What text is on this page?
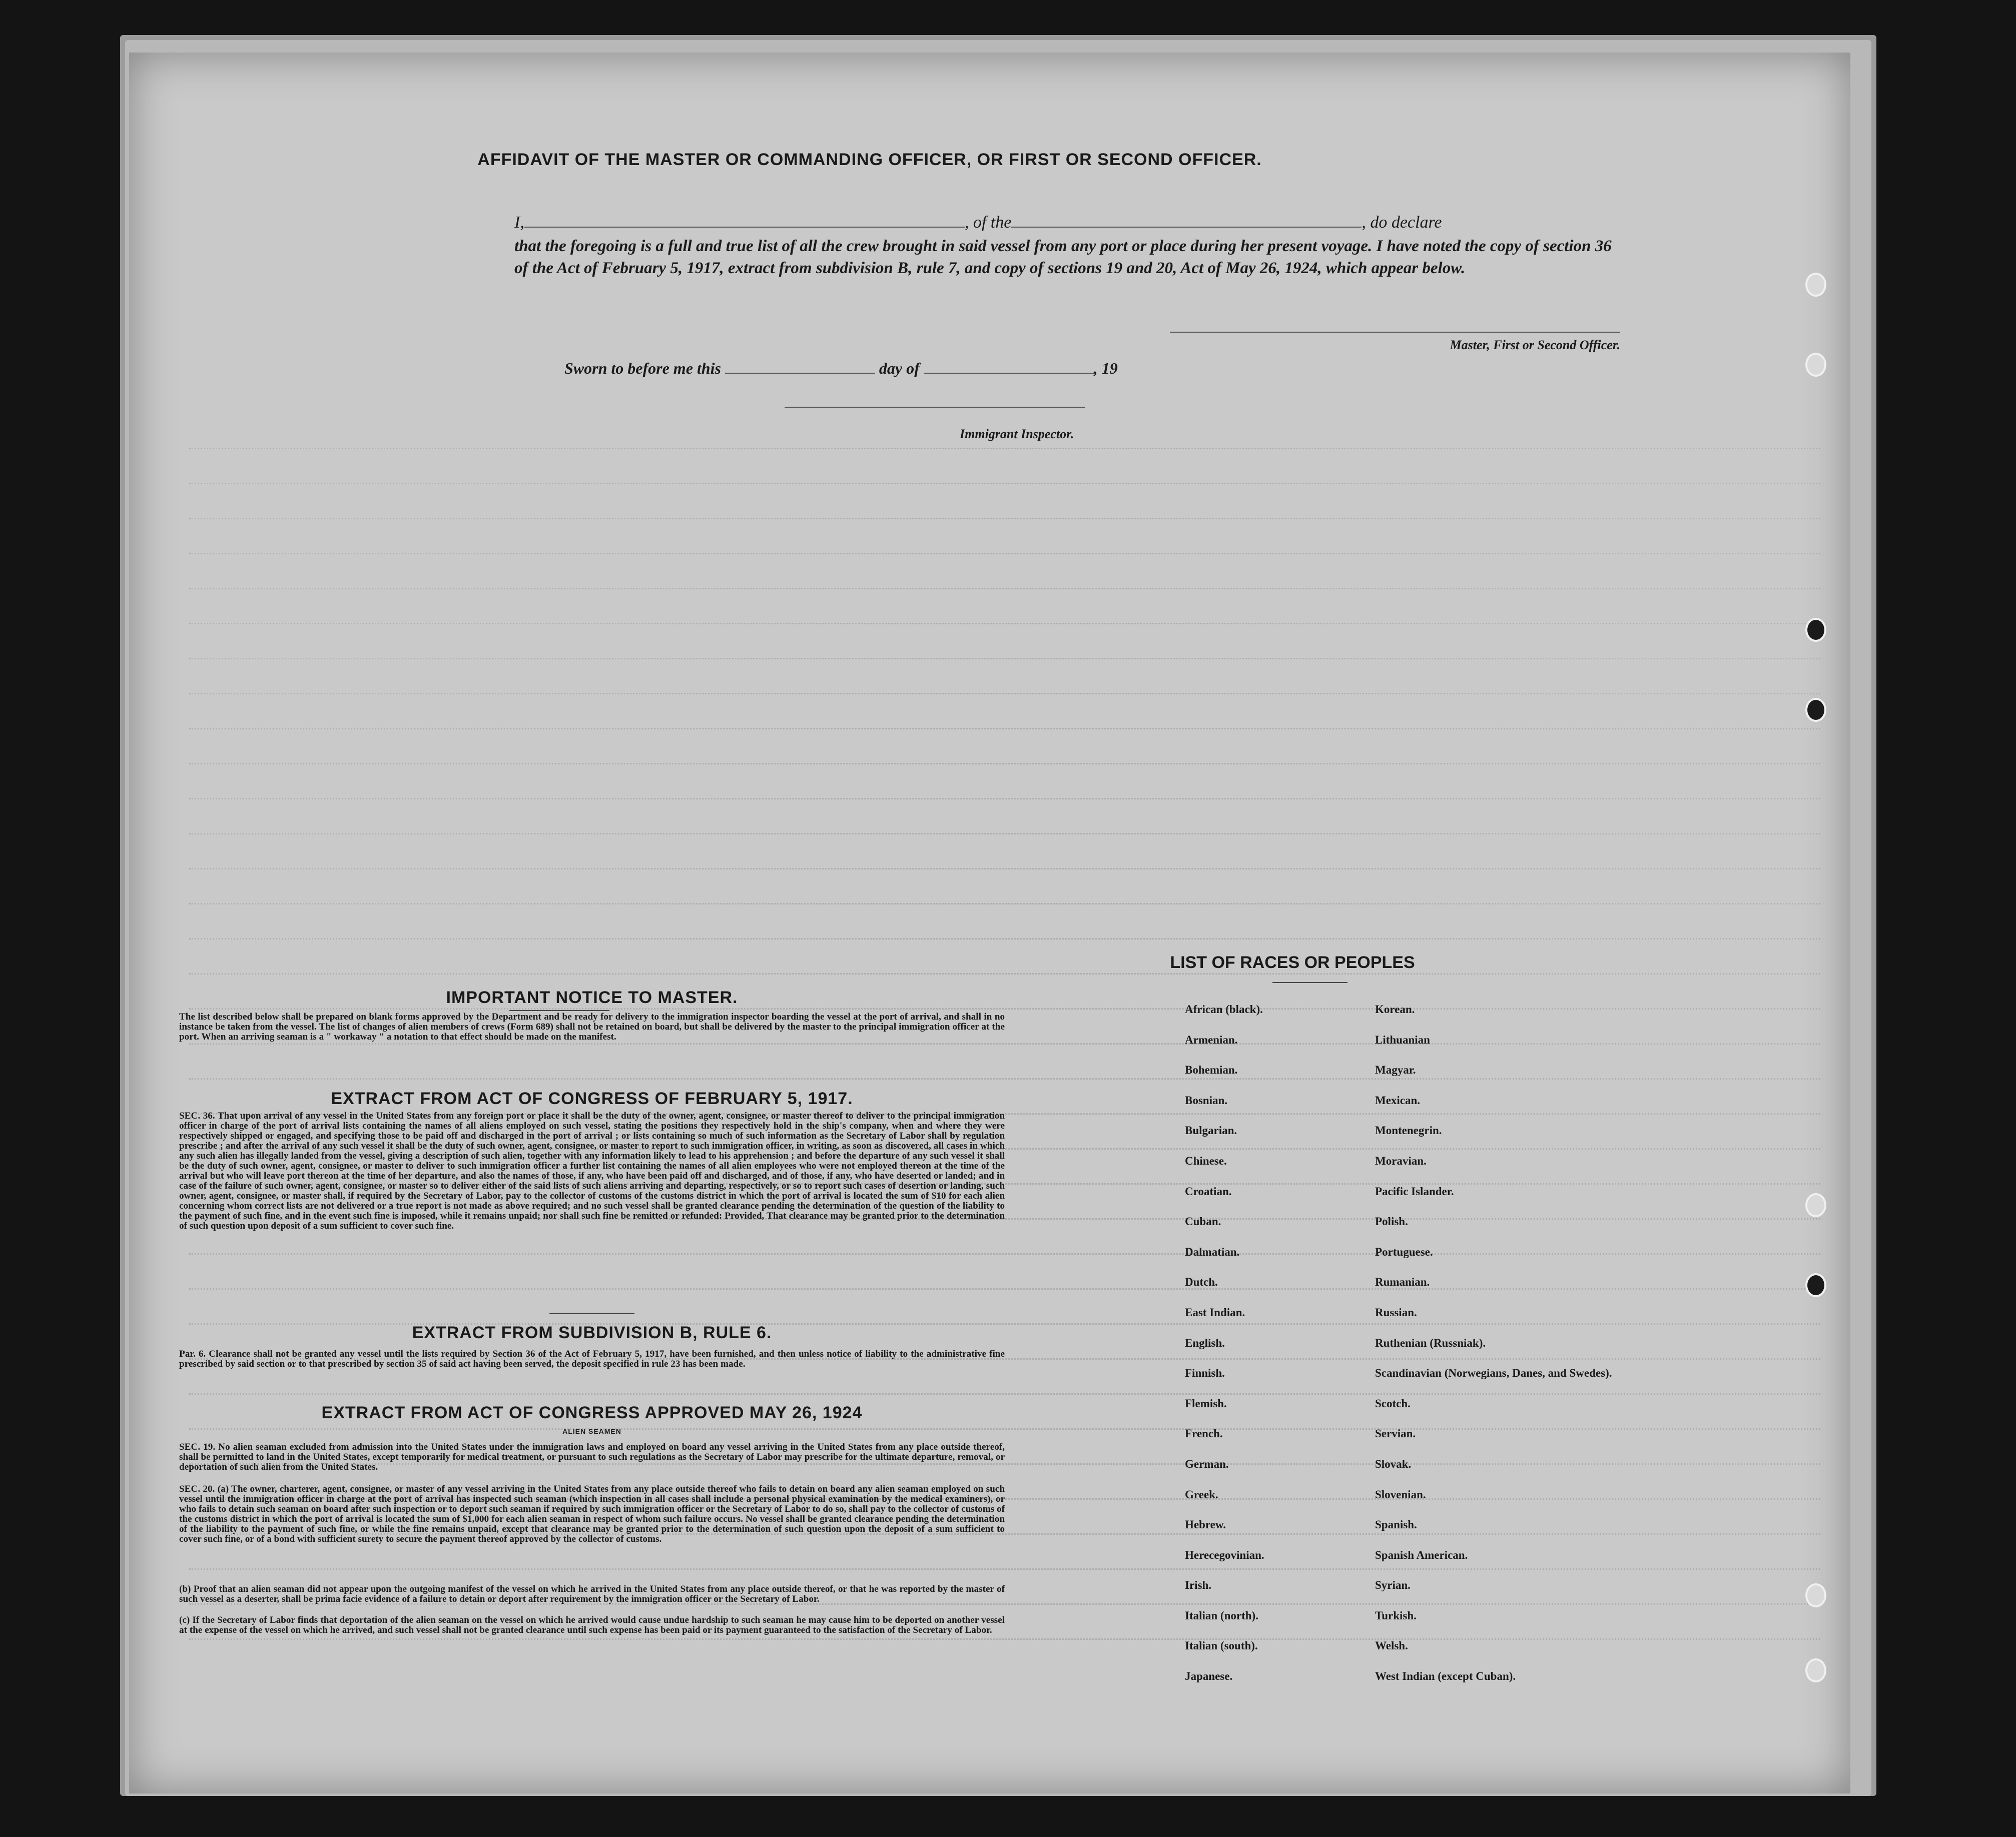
AFFIDAVIT OF THE MASTER OR COMMANDING OFFICER, OR FIRST OR SECOND OFFICER.
I,	, of the	, do declare
that the foregoing is a full and true list of all the crew brought in said vessel from any port or place during her present voyage. I have noted the copy of section 36 of the Act of February 5, 1917, extract from subdivision B, rule 7, and copy of sections 19 and 20, Act of May 26, 1924, which appear below.
Master, First or Second Officer.
Sworn to before me this	day of	, 19
Immigrant Inspector.
IMPORTANT NOTICE TO MASTER.
The list described below shall be prepared on blank forms approved by the Department and be ready for delivery to the immigration inspector boarding the vessel at the port of arrival, and shall in no instance be taken from the vessel. The list of changes of alien members of crews (Form 689) shall not be retained on board, but shall be delivered by the master to the principal immigration officer at the port. When an arriving seaman is a " workaway " a notation to that effect should be made on the manifest.
EXTRACT FROM ACT OF CONGRESS OF FEBRUARY 5, 1917.
SEC. 36. That upon arrival of any vessel in the United States from any foreign port or place it shall be the duty of the owner, agent, consignee, or master thereof to deliver to the principal immigration officer in charge of the port of arrival lists containing the names of all aliens employed on such vessel, stating the positions they respectively hold in the ship's company, when and where they were respectively shipped or engaged, and specifying those to be paid off and discharged in the port of arrival ; or lists containing so much of such information as the Secretary of Labor shall by regulation prescribe ; and after the arrival of any such vessel it shall be the duty of such owner, agent, consignee, or master to report to such immigration officer, in writing, as soon as discovered, all cases in which any such alien has illegally landed from the vessel, giving a description of such alien, together with any information likely to lead to his apprehension ; and before the departure of any such vessel it shall be the duty of such owner, agent, consignee, or master to deliver to such immigration officer a further list containing the names of all alien employees who were not employed thereon at the time of the arrival but who will leave port thereon at the time of her departure, and also the names of those, if any, who have been paid off and discharged, and of those, if any, who have deserted or landed; and in case of the failure of such owner, agent, consignee, or master so to deliver either of the said lists of such aliens arriving and departing, respectively, or so to report such cases of desertion or landing, such owner, agent, consignee, or master shall, if required by the Secretary of Labor, pay to the collector of customs of the customs district in which the port of arrival is located the sum of $10 for each alien concerning whom correct lists are not delivered or a true report is not made as above required; and no such vessel shall be granted clearance pending the determination of the question of the liability to the payment of such fine, and in the event such fine is imposed, while it remains unpaid; nor shall such fine be remitted or refunded: Provided, That clearance may be granted prior to the determination of such question upon deposit of a sum sufficient to cover such fine.
EXTRACT FROM SUBDIVISION B, RULE 6.
Par. 6. Clearance shall not be granted any vessel until the lists required by Section 36 of the Act of February 5, 1917, have been furnished, and then unless notice of liability to the administrative fine prescribed by said section or to that prescribed by section 35 of said act having been served, the deposit specified in rule 23 has been made.
EXTRACT FROM ACT OF CONGRESS APPROVED MAY 26, 1924
ALIEN SEAMEN
SEC. 19. No alien seaman excluded from admission into the United States under the immigration laws and employed on board any vessel arriving in the United States from any place outside thereof, shall be permitted to land in the United States, except temporarily for medical treatment, or pursuant to such regulations as the Secretary of Labor may prescribe for the ultimate departure, removal, or deportation of such alien from the United States.
SEC. 20. (a) The owner, charterer, agent, consignee, or master of any vessel arriving in the United States from any place outside thereof who fails to detain on board any alien seaman employed on such vessel until the immigration officer in charge at the port of arrival has inspected such seaman (which inspection in all cases shall include a personal physical examination by the medical examiners), or who fails to detain such seaman on board after such inspection or to deport such seaman if required by such immigration officer or the Secretary of Labor to do so, shall pay to the collector of customs of the customs district in which the port of arrival is located the sum of $1,000 for each alien seaman in respect of whom such failure occurs. No vessel shall be granted clearance pending the determination of the liability to the payment of such fine, or while the fine remains unpaid, except that clearance may be granted prior to the determination of such question upon the deposit of a sum sufficient to cover such fine, or of a bond with sufficient surety to secure the payment thereof approved by the collector of customs.
(b) Proof that an alien seaman did not appear upon the outgoing manifest of the vessel on which he arrived in the United States from any place outside thereof, or that he was reported by the master of such vessel as a deserter, shall be prima facie evidence of a failure to detain or deport after requirement by the immigration officer or the Secretary of Labor.
(c) If the Secretary of Labor finds that deportation of the alien seaman on the vessel on which he arrived would cause undue hardship to such seaman he may cause him to be deported on another vessel at the expense of the vessel on which he arrived, and such vessel shall not be granted clearance until such expense has been paid or its payment guaranteed to the satisfaction of the Secretary of Labor.
LIST OF RACES OR PEOPLES
African (black).	Korean.
Armenian.	Lithuanian
Bohemian.	Magyar.
Bosnian.	Mexican.
Bulgarian.	Montenegrin.
Chinese.	Moravian.
Croatian.	Pacific Islander.
Cuban.	Polish.
Dalmatian.	Portuguese.
Dutch.	Rumanian.
East Indian.	Russian.
English.	Ruthenian (Russniak).
Finnish.	Scandinavian (Norwegians, Danes, and Swedes).
Flemish.	Scotch.
French.	Servian.
German.	Slovak.
Greek.	Slovenian.
Hebrew.	Spanish.
Herecegovinian.	Spanish American.
Irish.	Syrian.
Italian (north).	Turkish.
Italian (south).	Welsh.
Japanese.	West Indian (except Cuban).
